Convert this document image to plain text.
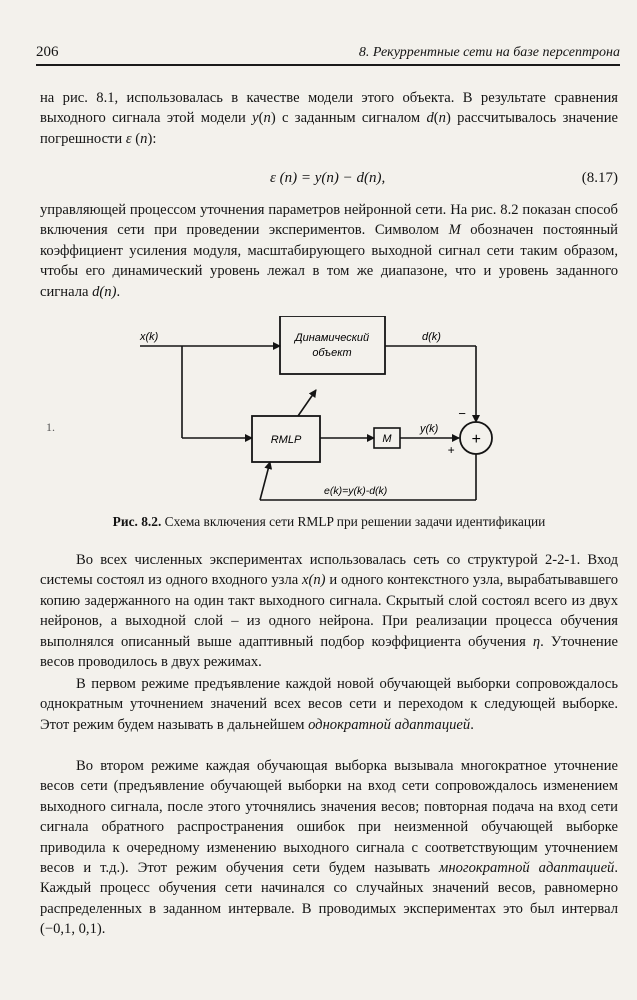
206	8. Рекуррентные сети на базе персептрона

на рис. 8.1, использовалась в качестве модели этого объекта. В результате сравнения выходного сигнала этой модели y(n) с заданным сигналом d(n) рассчитывалось значение погрешности ε (n):

ε (n) = y(n) − d(n),	(8.17)

управляющей процессом уточнения параметров нейронной сети. На рис. 8.2 показан способ включения сети при проведении экспериментов. Символом M обозначен постоянный коэффициент усиления модуля, масштабирующего выходной сигнал сети таким образом, чтобы его динамический уровень лежал в том же диапазоне, что и уровень заданного сигнала d(n).

1.
Динамический
объект
RMLP	M	+
−
+
x(k)	d(k)
y(k)
e(k)=y(k)-d(k)
Рис. 8.2. Схема включения сети RMLP при решении задачи идентификации

Во всех численных экспериментах использовалась сеть со структурой 2-2-1. Вход системы состоял из одного входного узла x(n) и одного контекстного узла, вырабатывавшего копию задержанного на один такт выходного сигнала. Скрытый слой состоял всего из двух нейронов, а выходной слой – из одного нейрона. При реализации процесса обучения выполнялся описанный выше адаптивный подбор коэффициента обучения η. Уточнение весов проводилось в двух режимах.

В первом режиме предъявление каждой новой обучающей выборки сопровождалось однократным уточнением значений всех весов сети и переходом к следующей выборке. Этот режим будем называть в дальнейшем однократной адаптацией.

Во втором режиме каждая обучающая выборка вызывала многократное уточнение весов сети (предъявление обучающей выборки на вход сети сопровождалось изменением выходного сигнала, после этого уточнялись значения весов; повторная подача на вход сети сигнала обратного распространения ошибок при неизменной обучающей выборке приводила к очередному изменению выходного сигнала с соответствующим уточнением весов и т.д.). Этот режим обучения сети будем называть многократной адаптацией. Каждый процесс обучения сети начинался со случайных значений весов, равномерно распределенных в заданном интервале. В проводимых экспериментах это был интервал (−0,1, 0,1).
